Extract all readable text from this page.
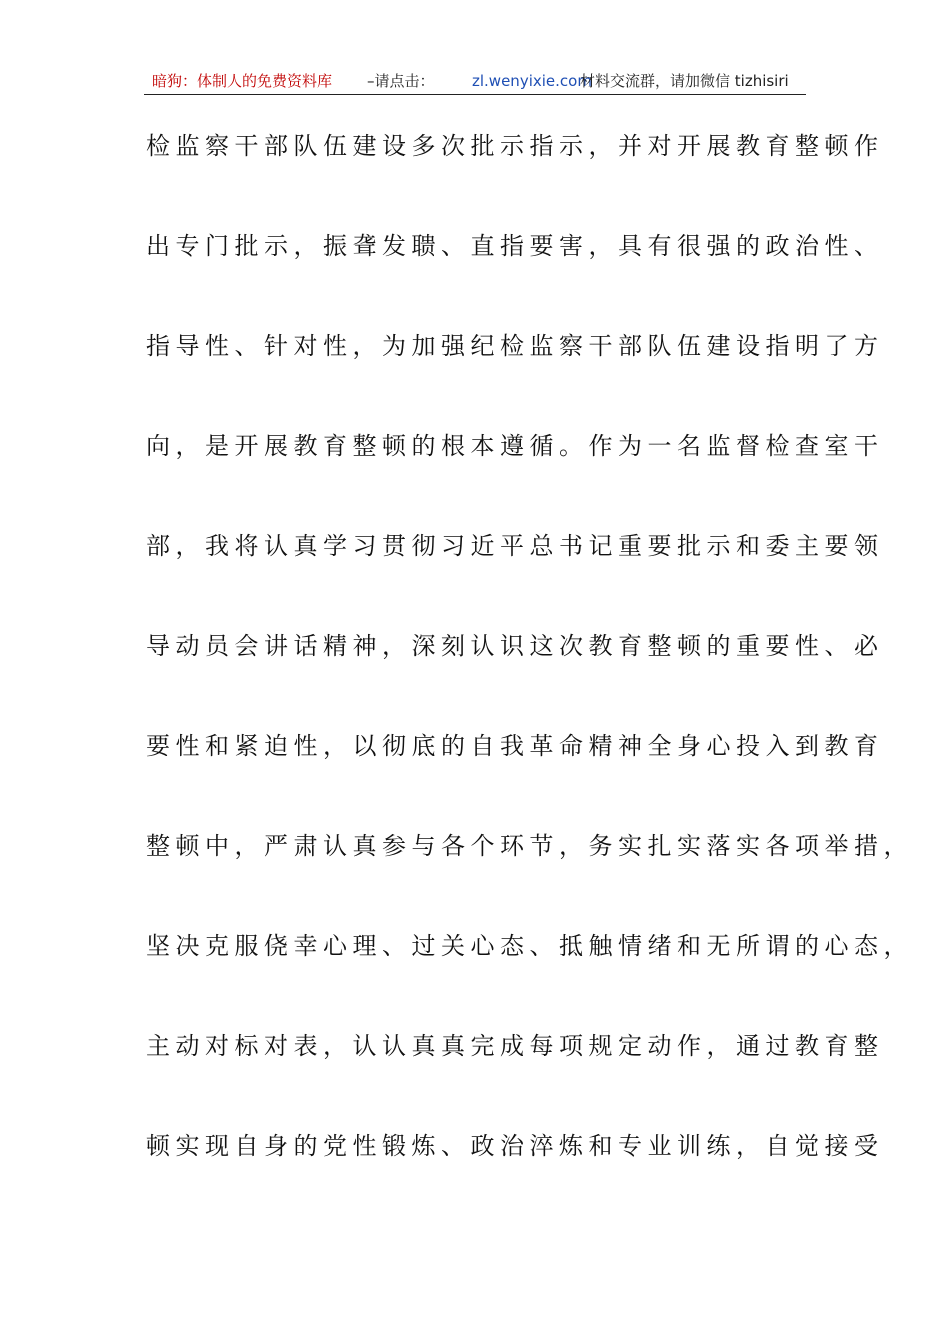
暗狗：体制人的免费资料库 –请点击： zl.wenyixie.com
材料交流群，请加微信 tizhisiri
检监察干部队伍建设多次批示指示，并对开展教育整顿作
出专门批示，振聋发聩、直指要害，具有很强的政治性、
指导性、针对性，为加强纪检监察干部队伍建设指明了方
向，是开展教育整顿的根本遵循。作为一名监督检查室干
部，我将认真学习贯彻习近平总书记重要批示和委主要领
导动员会讲话精神，深刻认识这次教育整顿的重要性、必
要性和紧迫性，以彻底的自我革命精神全身心投入到教育
整顿中，严肃认真参与各个环节，务实扎实落实各项举措，
坚决克服侥幸心理、过关心态、抵触情绪和无所谓的心态，
主动对标对表，认认真真完成每项规定动作，通过教育整
顿实现自身的党性锻炼、政治淬炼和专业训练，自觉接受
